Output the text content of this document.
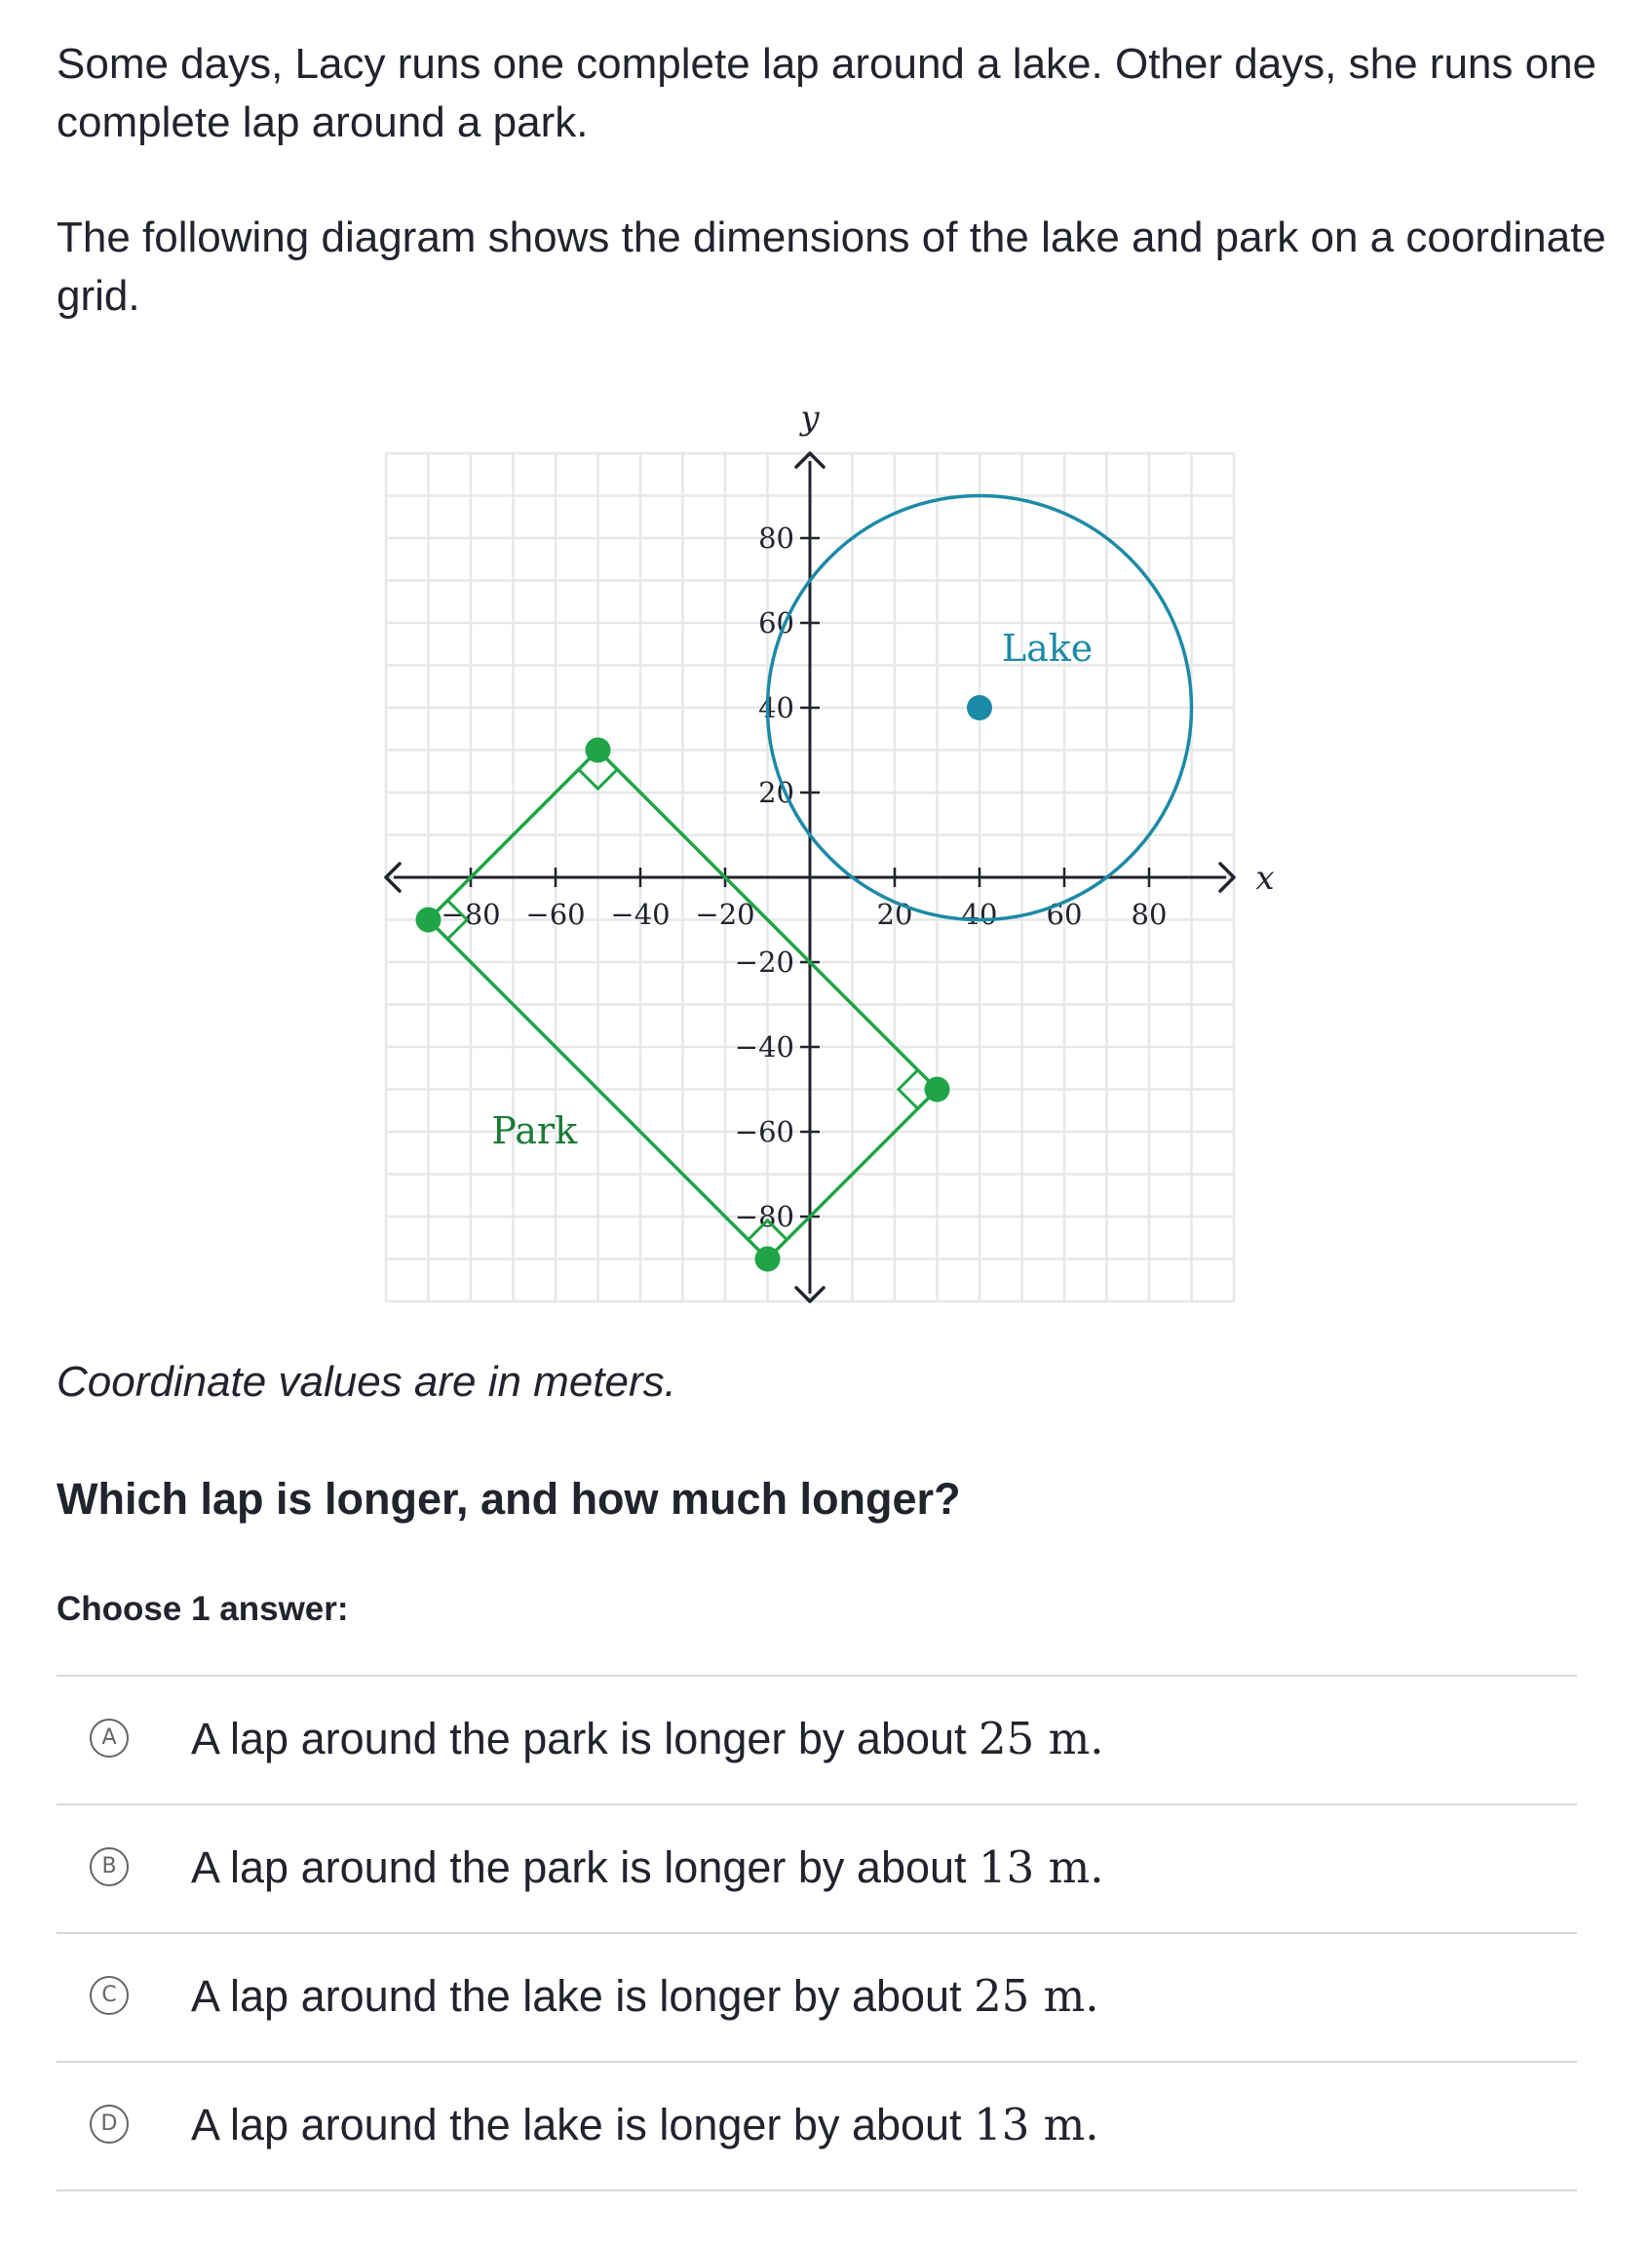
Some days, Lacy runs one complete lap around a lake. Other days, she runs one complete lap around a park.

The following diagram shows the dimensions of the lake and park on a coordinate grid.

−80 −60 −40 −20	20 40 60 80
80
60
40
20
−20
−40
−60
−80
x
y
Lake
Park

Coordinate values are in meters.

Which lap is longer, and how much longer?

Choose 1 answer:

A A lap around the park is longer by about 25 m.
B A lap around the park is longer by about 13 m.
C A lap around the lake is longer by about 25 m.
D A lap around the lake is longer by about 13 m.
